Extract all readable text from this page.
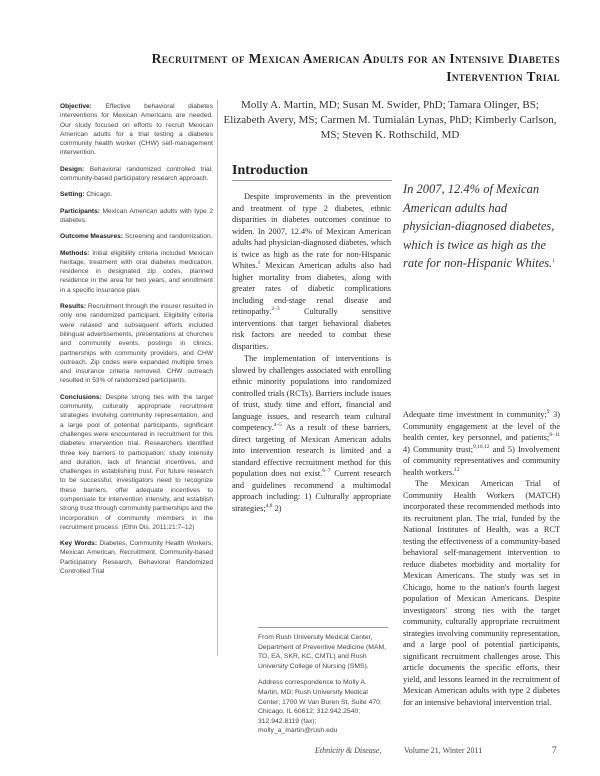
Recruitment of Mexican American Adults for an Intensive Diabetes
Intervention Trial
Molly A. Martin, MD; Susan M. Swider, PhD; Tamara Olinger, BS; Elizabeth Avery, MS; Carmen M. Tumialán Lynas, PhD; Kimberly Carlson, MS; Steven K. Rothschild, MD

Objective: Effective behavioral diabetes interventions for Mexican Americans are needed. Our study focused on efforts to recruit Mexican American adults for a trial testing a diabetes community health worker (CHW) self-management intervention.

Design: Behavioral randomized controlled trial, community-based participatory research approach.

Setting: Chicago.

Participants: Mexican American adults with type 2 diabetes.

Outcome Measures: Screening and randomization.

Methods: Initial eligibility criteria included Mexican heritage, treatment with oral diabetes medication, residence in designated zip codes, planned residence in the area for two years, and enrollment in a specific insurance plan.

Results: Recruitment through the insurer resulted in only one randomized participant. Eligibility criteria were relaxed and subsequent efforts included bilingual advertisements, presentations at churches and community events, postings in clinics, partnerships with community providers, and CHW outreach. Zip codes were expanded multiple times and insurance criteria removed. CHW outreach resulted in 53% of randomized participants.

Conclusions: Despite strong ties with the target community, culturally appropriate recruitment strategies involving community representation, and a large pool of potential participants, significant challenges were encountered in recruitment for this diabetes intervention trial. Researchers identified three key barriers to participation: study intensity and duration, lack of financial incentives, and challenges in establishing trust. For future research to be successful, investigators need to recognize these barriers, offer adequate incentives to compensate for intervention intensity, and establish strong trust through community partnerships and the incorporation of community members in the recruitment process. (Ethn Dis. 2011;21:7–12)

Key Words: Diabetes, Community Health Workers, Mexican American, Recruitment, Community-based Participatory Research, Behavioral Randomized Controlled Trial

Introduction

Despite improvements in the prevention and treatment of type 2 diabetes, ethnic disparities in diabetes outcomes continue to widen. In 2007, 12.4% of Mexican American adults had physician-diagnosed diabetes, which is twice as high as the rate for non-Hispanic Whites.$^1$ Mexican American adults also had higher mortality from diabetes, along with greater rates of diabetic complications including end-stage renal disease and retinopathy.$^{2-3}$ Culturally sensitive interventions that target behavioral diabetes risk factors are needed to combat these disparities.

The implementation of interventions is slowed by challenges associated with enrolling ethnic minority populations into randomized controlled trials (RCTs). Barriers include issues of trust, study time and effort, financial and language issues, and research team cultural competency.$^{4-5}$ As a result of these barriers, direct targeting of Mexican American adults into intervention research is limited and a standard effective recruitment method for this population does not exist.$^{6-7}$ Current research and guidelines recommend a multimodal approach including: 1) Culturally appropriate strategies;$^{4,8}$ 2)

In 2007, 12.4% of Mexican American adults had physician-diagnosed diabetes, which is twice as high as the rate for non-Hispanic Whites.$^1$

Adequate time investment in community;$^9$ 3) Community engagement at the level of the health center, key personnel, and patients;$^{8-11}$ 4) Community trust;$^{9,10,12}$ and 5) Involvement of community representatives and community health workers.$^{12}$

The Mexican American Trial of Community Health Workers (MATCH) incorporated these recommended methods into its recruitment plan. The trial, funded by the National Institutes of Health, was a RCT testing the effectiveness of a community-based behavioral self-management intervention to reduce diabetes morbidity and mortality for Mexican Americans. The study was set in Chicago, home to the nation's fourth largest population of Mexican Americans. Despite investigators' strong ties with the target community, culturally appropriate recruitment strategies involving community representation, and a large pool of potential participants, significant recruitment challenges arose. This article documents the specific efforts, their yield, and lessons learned in the recruitment of Mexican American adults with type 2 diabetes for an intensive behavioral intervention trial.

From Rush University Medical Center, Department of Preventive Medicine (MAM, TO, EA, SKR, KC, CMTL) and Rush University College of Nursing (SMS).

Address correspondence to Molly A. Martin, MD; Rush University Medical Center; 1700 W Van Buren St, Suite 470; Chicago, IL 60612; 312.942.2540; 312.942.8119 (fax); molly_a_martin@rush.edu

Ethnicity & Disease,	Volume 21, Winter 2011	7
